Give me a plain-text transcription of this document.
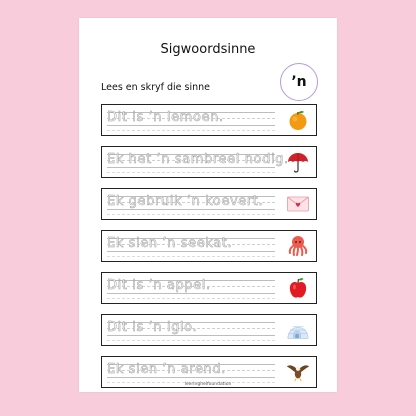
Sigwoordsinne
’n
Lees en skryf die sinne
Dit is ’n lemoen.
Ek het ’n sambreel nodig.
Ek gebruik ’n koevert.
Ek sien ’n seekat.
Dit is ’n appel.
Dit is ’n iglo.
Ek sien ’n arend.
leeringhelfoundation
